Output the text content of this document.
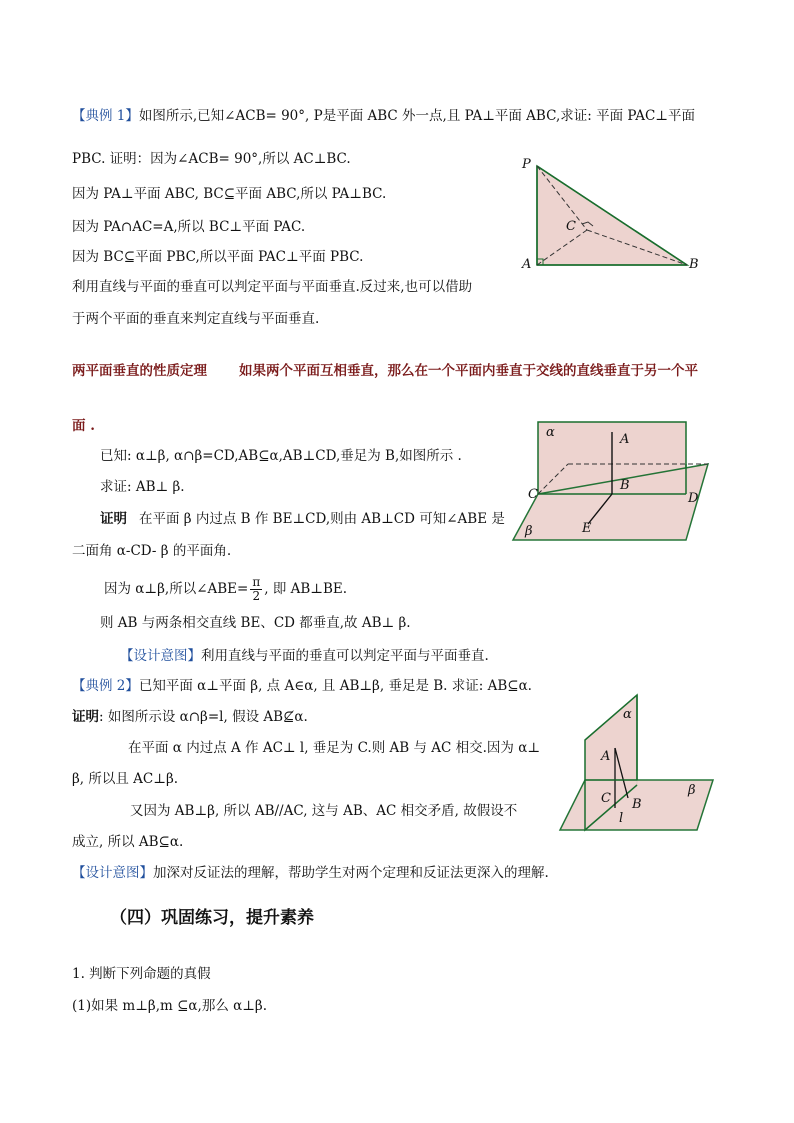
【典例 1】如图所示,已知∠ACB= 90°, P是平面 ABC 外一点,且 PA⊥平面 ABC,求证: 平面 PAC⊥平面
PBC. 证明：因为∠ACB= 90°,所以 AC⊥BC.
因为 PA⊥平面 ABC, BC⊆平面 ABC,所以 PA⊥BC.
因为 PA∩AC=A,所以 BC⊥平面 PAC.
因为 BC⊆平面 PBC,所以平面 PAC⊥平面 PBC.
利用直线与平面的垂直可以判定平面与平面垂直.反过来,也可以借助
于两个平面的垂直来判定直线与平面垂直.
P
C
A	B
两平面垂直的性质定理 如果两个平面互相垂直，那么在一个平面内垂直于交线的直线垂直于另一个平
面 .
已知: α⊥β, α∩β=CD,AB⊆α,AB⊥CD,垂足为 B,如图所示 .
求证: AB⊥ β.
证明 在平面 β 内过点 B 作 BE⊥CD,则由 AB⊥CD 可知∠ABE 是
二面角 α-CD- β 的平面角.
因为 α⊥β,所以∠ABE= $\frac{\pi}{2}$ , 即 AB⊥BE.
则 AB 与两条相交直线 BE、CD 都垂直,故 AB⊥ β.
【设计意图】利用直线与平面的垂直可以判定平面与平面垂直.
α	A
B
C	D
E
β
【典例 2】已知平面 α⊥平面 β, 点 A∈α, 且 AB⊥β, 垂足是 B. 求证: AB⊆α.
证明: 如图所示设 α∩β=l, 假设 AB⊈α.
在平面 α 内过点 A 作 AC⊥ l, 垂足为 C.则 AB 与 AC 相交.因为 α⊥
β, 所以且 AC⊥β.
又因为 AB⊥β, 所以 AB//AC, 这与 AB、AC 相交矛盾, 故假设不
成立, 所以 AB⊆α.
【设计意图】加深对反证法的理解，帮助学生对两个定理和反证法更深入的理解.
α
A
C B
l
β
（四）巩固练习，提升素养
1. 判断下列命题的真假
(1)如果 m⊥β,m ⊆α,那么 α⊥β.
